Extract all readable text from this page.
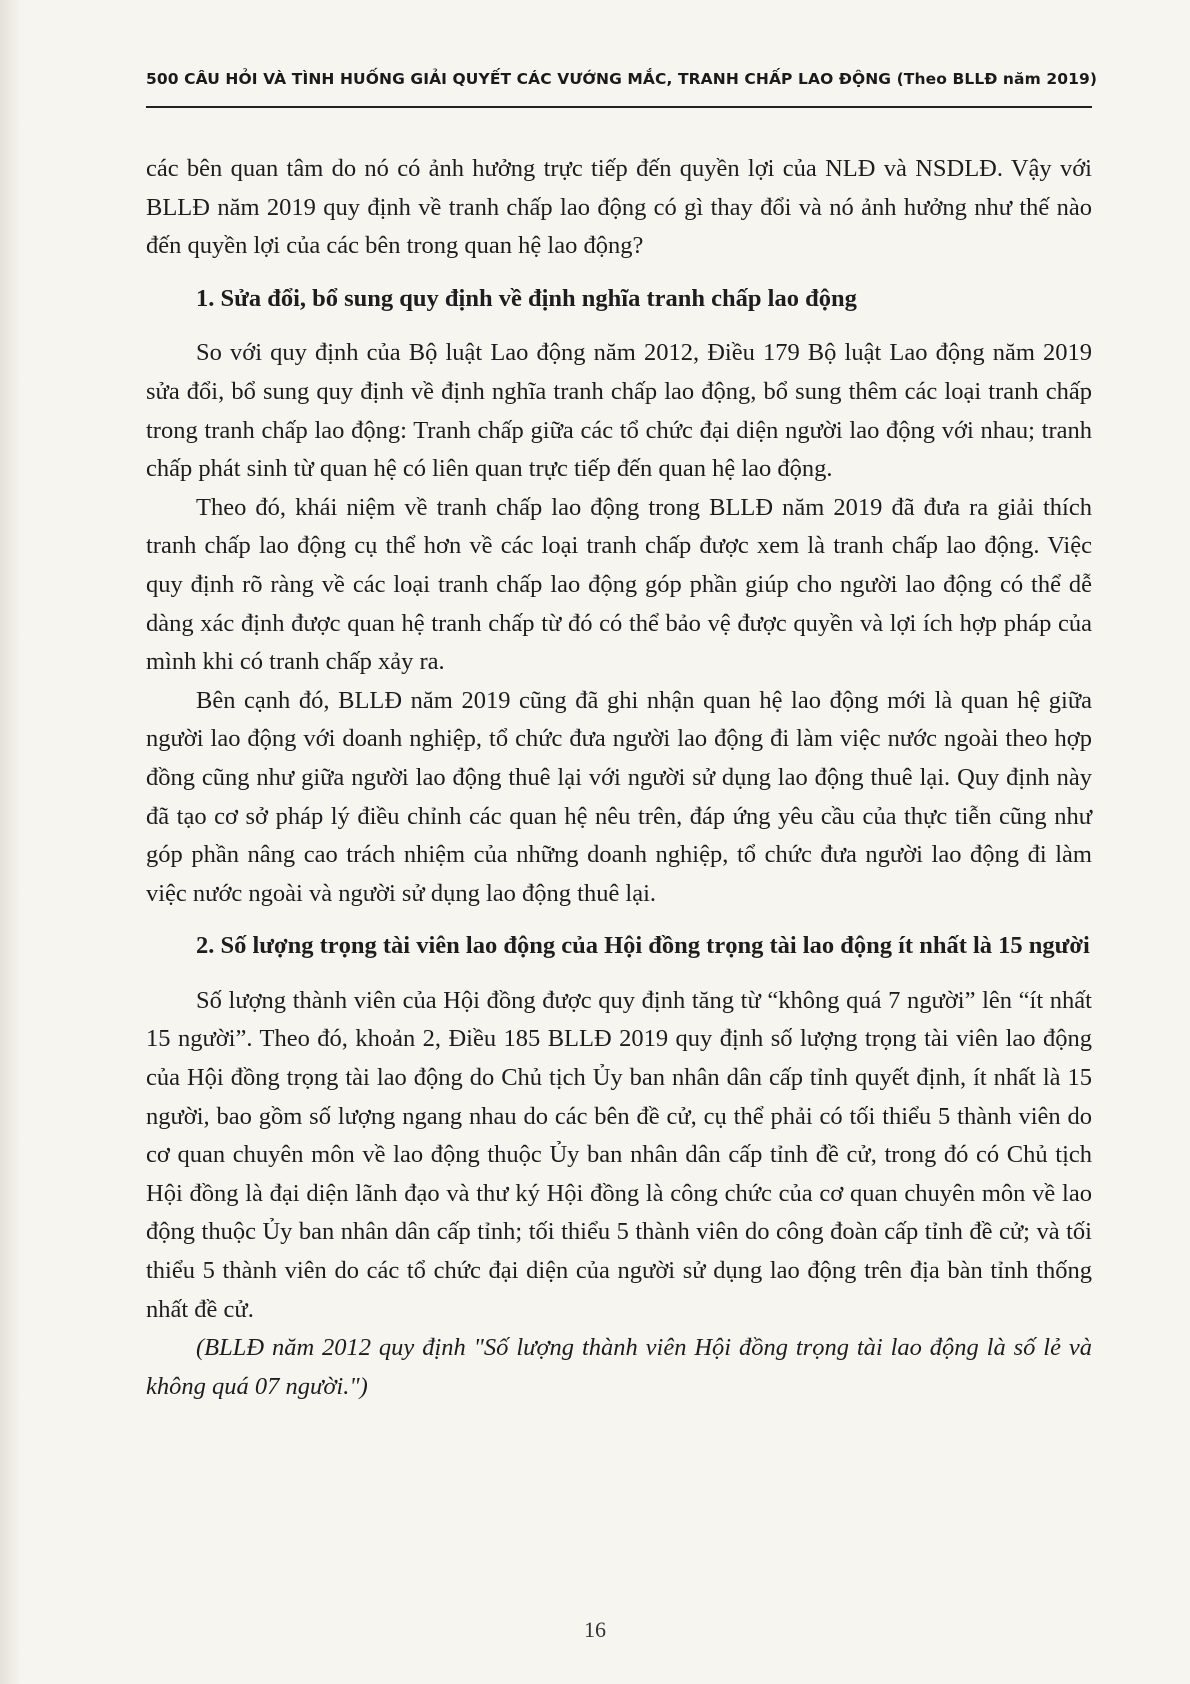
500 CÂU HỎI VÀ TÌNH HUỐNG GIẢI QUYẾT CÁC VƯỚNG MẮC, TRANH CHẤP LAO ĐỘNG (Theo BLLĐ năm 2019)

các bên quan tâm do nó có ảnh hưởng trực tiếp đến quyền lợi của NLĐ và NSDLĐ. Vậy với BLLĐ năm 2019 quy định về tranh chấp lao động có gì thay đổi và nó ảnh hưởng như thế nào đến quyền lợi của các bên trong quan hệ lao động?

1. Sửa đổi, bổ sung quy định về định nghĩa tranh chấp lao động

So với quy định của Bộ luật Lao động năm 2012, Điều 179 Bộ luật Lao động năm 2019 sửa đổi, bổ sung quy định về định nghĩa tranh chấp lao động, bổ sung thêm các loại tranh chấp trong tranh chấp lao động: Tranh chấp giữa các tổ chức đại diện người lao động với nhau; tranh chấp phát sinh từ quan hệ có liên quan trực tiếp đến quan hệ lao động.

Theo đó, khái niệm về tranh chấp lao động trong BLLĐ năm 2019 đã đưa ra giải thích tranh chấp lao động cụ thể hơn về các loại tranh chấp được xem là tranh chấp lao động. Việc quy định rõ ràng về các loại tranh chấp lao động góp phần giúp cho người lao động có thể dễ dàng xác định được quan hệ tranh chấp từ đó có thể bảo vệ được quyền và lợi ích hợp pháp của mình khi có tranh chấp xảy ra.

Bên cạnh đó, BLLĐ năm 2019 cũng đã ghi nhận quan hệ lao động mới là quan hệ giữa người lao động với doanh nghiệp, tổ chức đưa người lao động đi làm việc nước ngoài theo hợp đồng cũng như giữa người lao động thuê lại với người sử dụng lao động thuê lại. Quy định này đã tạo cơ sở pháp lý điều chỉnh các quan hệ nêu trên, đáp ứng yêu cầu của thực tiễn cũng như góp phần nâng cao trách nhiệm của những doanh nghiệp, tổ chức đưa người lao động đi làm việc nước ngoài và người sử dụng lao động thuê lại.

2. Số lượng trọng tài viên lao động của Hội đồng trọng tài lao động ít nhất là 15 người

Số lượng thành viên của Hội đồng được quy định tăng từ “không quá 7 người” lên “ít nhất 15 người”. Theo đó, khoản 2, Điều 185 BLLĐ 2019 quy định số lượng trọng tài viên lao động của Hội đồng trọng tài lao động do Chủ tịch Ủy ban nhân dân cấp tỉnh quyết định, ít nhất là 15 người, bao gồm số lượng ngang nhau do các bên đề cử, cụ thể phải có tối thiểu 5 thành viên do cơ quan chuyên môn về lao động thuộc Ủy ban nhân dân cấp tỉnh đề cử, trong đó có Chủ tịch Hội đồng là đại diện lãnh đạo và thư ký Hội đồng là công chức của cơ quan chuyên môn về lao động thuộc Ủy ban nhân dân cấp tỉnh; tối thiểu 5 thành viên do công đoàn cấp tỉnh đề cử; và tối thiểu 5 thành viên do các tổ chức đại diện của người sử dụng lao động trên địa bàn tỉnh thống nhất đề cử.

(BLLĐ năm 2012 quy định "Số lượng thành viên Hội đồng trọng tài lao động là số lẻ và không quá 07 người.")

16
